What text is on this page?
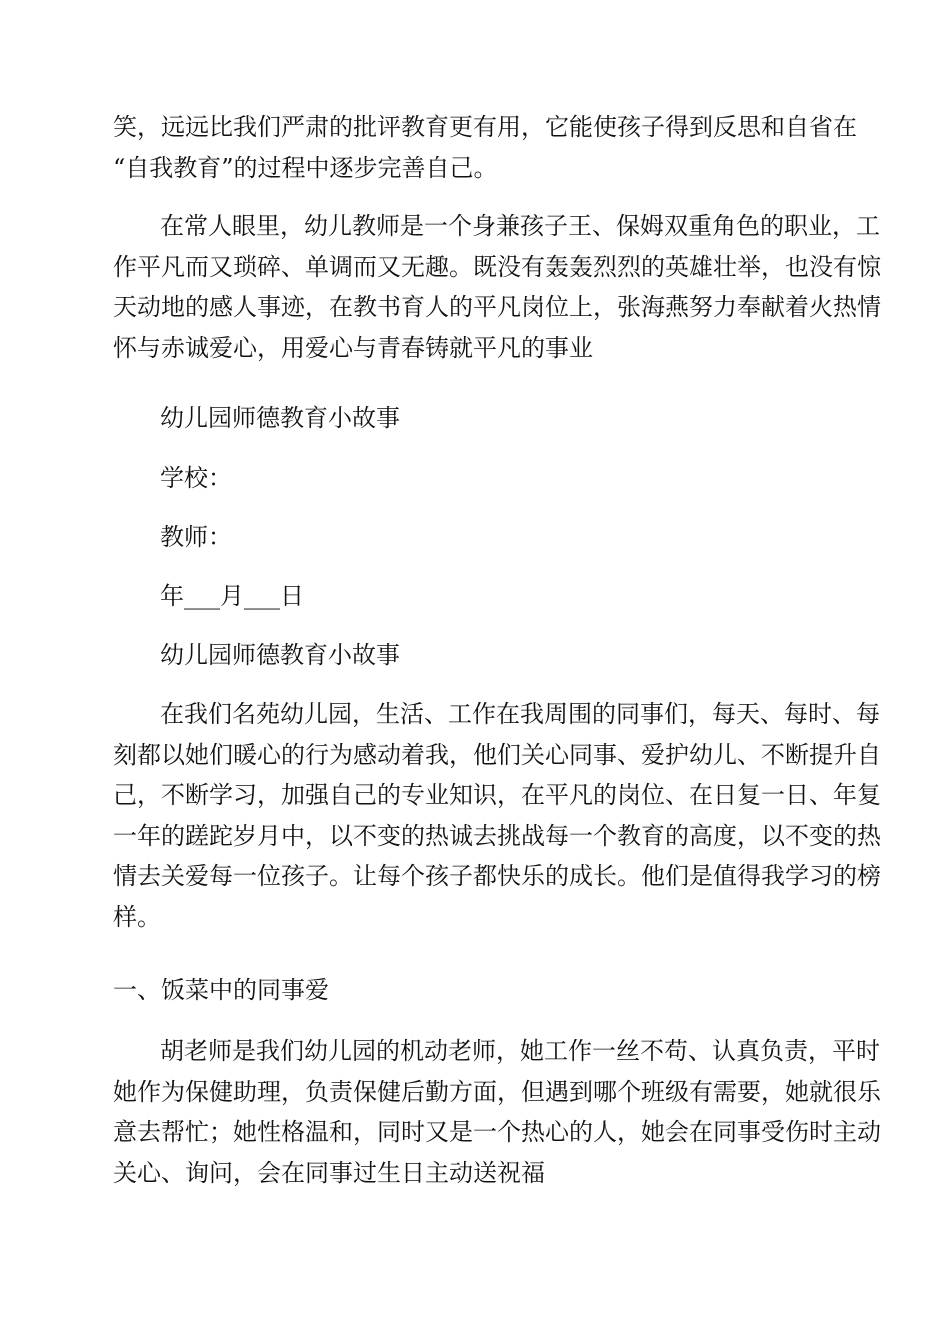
笑，远远比我们严肃的批评教育更有用，它能使孩子得到反思和自省在
“自我教育”的过程中逐步完善自己。
在常人眼里，幼儿教师是一个身兼孩子王、保姆双重角色的职业，工
作平凡而又琐碎、单调而又无趣。既没有轰轰烈烈的英雄壮举，也没有惊
天动地的感人事迹，在教书育人的平凡岗位上，张海燕努力奉献着火热情
怀与赤诚爱心，用爱心与青春铸就平凡的事业
幼儿园师德教育小故事
学校：
教师：
年___月___日
幼儿园师德教育小故事
在我们名苑幼儿园，生活、工作在我周围的同事们，每天、每时、每
刻都以她们暖心的行为感动着我，他们关心同事、爱护幼儿、不断提升自
己，不断学习，加强自己的专业知识，在平凡的岗位、在日复一日、年复
一年的蹉跎岁月中，以不变的热诚去挑战每一个教育的高度，以不变的热
情去关爱每一位孩子。让每个孩子都快乐的成长。他们是值得我学习的榜
样。
一、饭菜中的同事爱
胡老师是我们幼儿园的机动老师，她工作一丝不苟、认真负责，平时
她作为保健助理，负责保健后勤方面，但遇到哪个班级有需要，她就很乐
意去帮忙；她性格温和，同时又是一个热心的人，她会在同事受伤时主动
关心、询问，会在同事过生日主动送祝福
